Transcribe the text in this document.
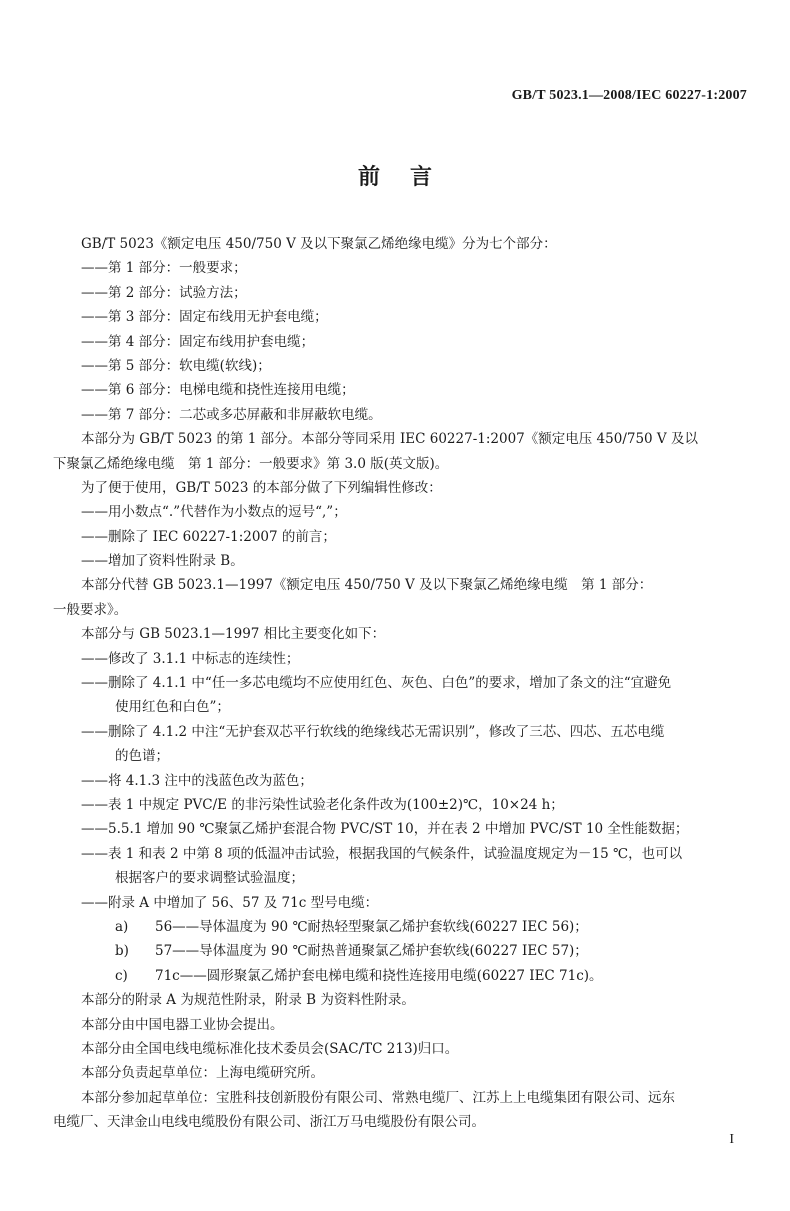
GB/T 5023.1—2008/IEC 60227-1:2007
前言
GB/T 5023《额定电压 450/750 V 及以下聚氯乙烯绝缘电缆》分为七个部分：
——第 1 部分：一般要求；
——第 2 部分：试验方法；
——第 3 部分：固定布线用无护套电缆；
——第 4 部分：固定布线用护套电缆；
——第 5 部分：软电缆(软线)；
——第 6 部分：电梯电缆和挠性连接用电缆；
——第 7 部分：二芯或多芯屏蔽和非屏蔽软电缆。
本部分为 GB/T 5023 的第 1 部分。本部分等同采用 IEC 60227-1:2007《额定电压 450/750 V 及以
下聚氯乙烯绝缘电缆　第 1 部分：一般要求》第 3.0 版(英文版)。
为了便于使用，GB/T 5023 的本部分做了下列编辑性修改：
——用小数点“.”代替作为小数点的逗号“,”；
——删除了 IEC 60227-1:2007 的前言；
——增加了资料性附录 B。
本部分代替 GB 5023.1—1997《额定电压 450/750 V 及以下聚氯乙烯绝缘电缆　第 1 部分：
一般要求》。
本部分与 GB 5023.1—1997 相比主要变化如下：
——修改了 3.1.1 中标志的连续性；
——删除了 4.1.1 中“任一多芯电缆均不应使用红色、灰色、白色”的要求，增加了条文的注“宜避免
使用红色和白色”；
——删除了 4.1.2 中注“无护套双芯平行软线的绝缘线芯无需识别”，修改了三芯、四芯、五芯电缆
的色谱；
——将 4.1.3 注中的浅蓝色改为蓝色；
——表 1 中规定 PVC/E 的非污染性试验老化条件改为(100±2)℃，10×24 h；
——5.5.1 增加 90 ℃聚氯乙烯护套混合物 PVC/ST 10，并在表 2 中增加 PVC/ST 10 全性能数据；
——表 1 和表 2 中第 8 项的低温冲击试验，根据我国的气候条件，试验温度规定为－15 ℃，也可以
根据客户的要求调整试验温度；
——附录 A 中增加了 56、57 及 71c 型号电缆：
a) 56——导体温度为 90 ℃耐热轻型聚氯乙烯护套软线(60227 IEC 56)；
b) 57——导体温度为 90 ℃耐热普通聚氯乙烯护套软线(60227 IEC 57)；
c) 71c——圆形聚氯乙烯护套电梯电缆和挠性连接用电缆(60227 IEC 71c)。
本部分的附录 A 为规范性附录，附录 B 为资料性附录。
本部分由中国电器工业协会提出。
本部分由全国电线电缆标准化技术委员会(SAC/TC 213)归口。
本部分负责起草单位：上海电缆研究所。
本部分参加起草单位：宝胜科技创新股份有限公司、常熟电缆厂、江苏上上电缆集团有限公司、远东
电缆厂、天津金山电线电缆股份有限公司、浙江万马电缆股份有限公司。
I
